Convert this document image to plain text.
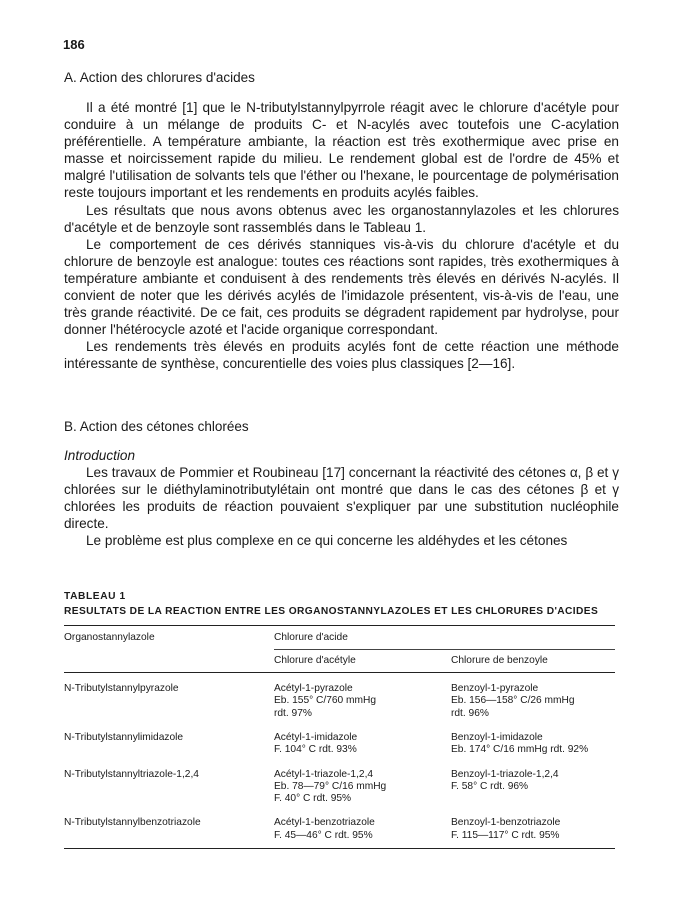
186
A. Action des chlorures d'acides

Il a été montré [1] que le N-tributylstannylpyrrole réagit avec le chlorure d'acétyle pour conduire à un mélange de produits C- et N-acylés avec toutefois une C-acylation préférentielle. A température ambiante, la réaction est très exothermique avec prise en masse et noircissement rapide du milieu. Le rendement global est de l'ordre de 45% et malgré l'utilisation de solvants tels que l'éther ou l'hexane, le pourcentage de polymérisation reste toujours important et les rendements en produits acylés faibles.

Les résultats que nous avons obtenus avec les organostannylazoles et les chlorures d'acétyle et de benzoyle sont rassemblés dans le Tableau 1.

Le comportement de ces dérivés stanniques vis-à-vis du chlorure d'acétyle et du chlorure de benzoyle est analogue: toutes ces réactions sont rapides, très exothermiques à température ambiante et conduisent à des rendements très élevés en dérivés N-acylés. Il convient de noter que les dérivés acylés de l'imidazole présentent, vis-à-vis de l'eau, une très grande réactivité. De ce fait, ces produits se dégradent rapidement par hydrolyse, pour donner l'hétérocycle azoté et l'acide organique correspondant.

Les rendements très élevés en produits acylés font de cette réaction une méthode intéressante de synthèse, concurentielle des voies plus classiques [2—16].

B. Action des cétones chlorées

Introduction

Les travaux de Pommier et Roubineau [17] concernant la réactivité des cétones α, β et γ chlorées sur le diéthylaminotributylétain ont montré que dans le cas des cétones β et γ chlorées les produits de réaction pouvaient s'expliquer par une substitution nucléophile directe.

Le problème est plus complexe en ce qui concerne les aldéhydes et les cétones

TABLEAU 1
RESULTATS DE LA REACTION ENTRE LES ORGANOSTANNYLAZOLES ET LES CHLORURES D'ACIDES
Organostannylazole	Chlorure d'acide	
	Chlorure d'acétyle	Chlorure de benzoyle

N-Tributylstannylpyrazole	Acétyl-1-pyrazole
Eb. 155° C/760 mmHg
rdt. 97%	Benzoyl-1-pyrazole
Eb. 156—158° C/26 mmHg
rdt. 96%

N-Tributylstannylimidazole	Acétyl-1-imidazole
F. 104° C rdt. 93%	Benzoyl-1-imidazole
Eb. 174° C/16 mmHg rdt. 92%

N-Tributylstannyltriazole-1,2,4	Acétyl-1-triazole-1,2,4
Eb. 78—79° C/16 mmHg
F. 40° C rdt. 95%	Benzoyl-1-triazole-1,2,4
F. 58° C rdt. 96%

N-Tributylstannylbenzotriazole	Acétyl-1-benzotriazole
F. 45—46° C rdt. 95%	Benzoyl-1-benzotriazole
F. 115—117° C rdt. 95%
